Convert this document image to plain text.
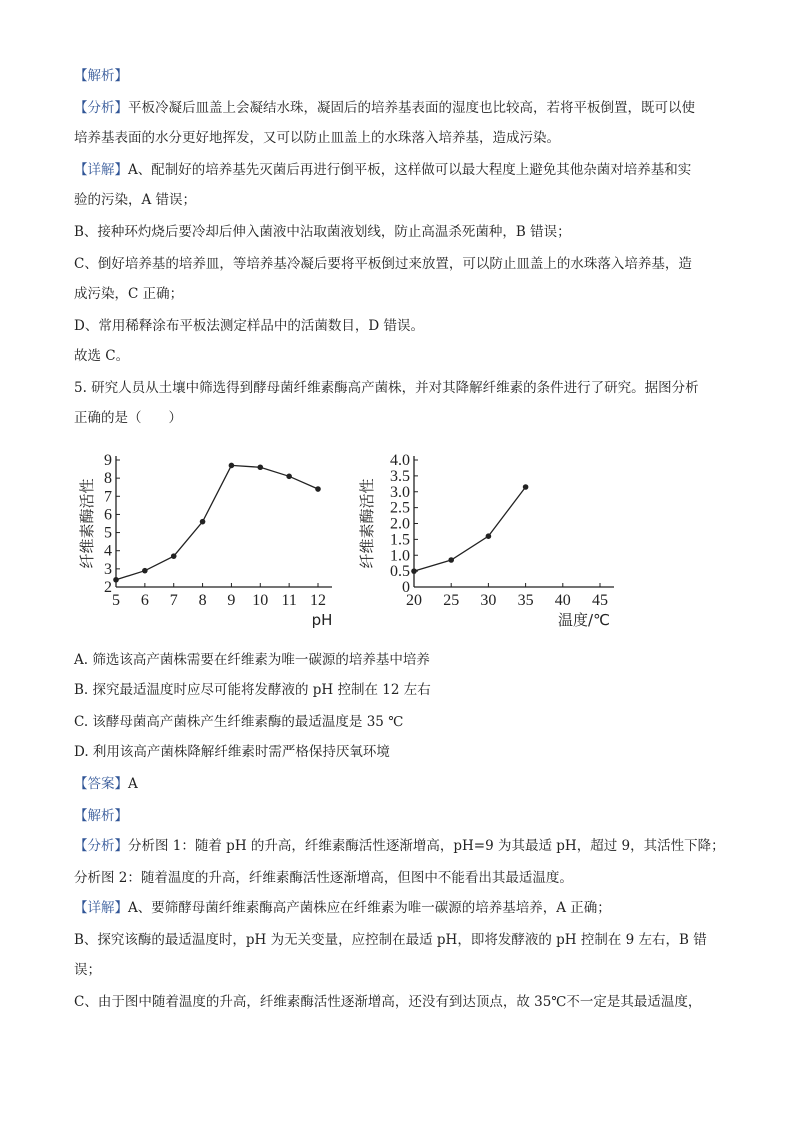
【解析】
【分析】平板冷凝后皿盖上会凝结水珠，凝固后的培养基表面的湿度也比较高，若将平板倒置，既可以使
培养基表面的水分更好地挥发，又可以防止皿盖上的水珠落入培养基，造成污染。
【详解】A、配制好的培养基先灭菌后再进行倒平板，这样做可以最大程度上避免其他杂菌对培养基和实
验的污染，A 错误；
B、接种环灼烧后要冷却后伸入菌液中沾取菌液划线，防止高温杀死菌种，B 错误；
C、倒好培养基的培养皿，等培养基冷凝后要将平板倒过来放置，可以防止皿盖上的水珠落入培养基，造
成污染，C 正确；
D、常用稀释涂布平板法测定样品中的活菌数目，D 错误。
故选 C。
5. 研究人员从土壤中筛选得到酵母菌纤维素酶高产菌株，并对其降解纤维素的条件进行了研究。据图分析
正确的是（　　）
2
3
4
5
6
7
8
9
5 6 7 8 9 10 11 12
纤维素酶活性
pH
0
0.5
1.0
1.5
2.0
2.5
3.0
3.5
4.0
20 25 30 35 40 45
纤维素酶活性
温度/℃
A. 筛选该高产菌株需要在纤维素为唯一碳源的培养基中培养
B. 探究最适温度时应尽可能将发酵液的 pH 控制在 12 左右
C. 该酵母菌高产菌株产生纤维素酶的最适温度是 35 ℃
D. 利用该高产菌株降解纤维素时需严格保持厌氧环境
【答案】A
【解析】
【分析】分析图 1：随着 pH 的升高，纤维素酶活性逐渐增高，pH=9 为其最适 pH，超过 9，其活性下降；
分析图 2：随着温度的升高，纤维素酶活性逐渐增高，但图中不能看出其最适温度。
【详解】A、要筛酵母菌纤维素酶高产菌株应在纤维素为唯一碳源的培养基培养，A 正确；
B、探究该酶的最适温度时，pH 为无关变量，应控制在最适 pH，即将发酵液的 pH 控制在 9 左右，B 错
误；
C、由于图中随着温度的升高，纤维素酶活性逐渐增高，还没有到达顶点，故 35℃不一定是其最适温度，
